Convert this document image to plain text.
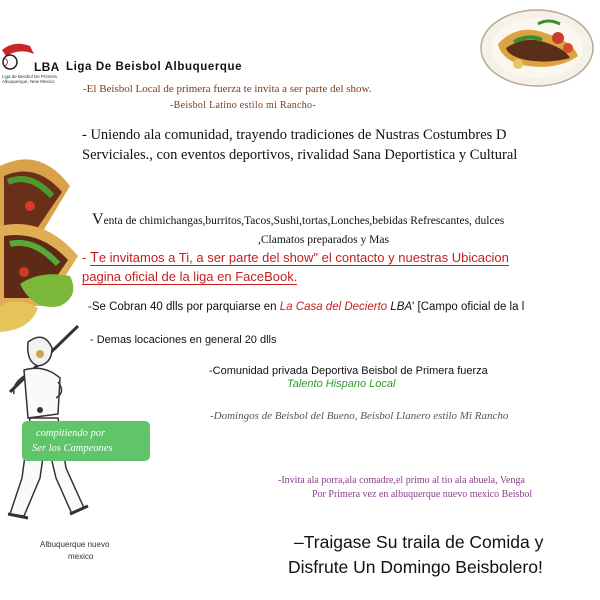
LBA Liga De Beisbol Albuquerque
Liga de Beisbol De Primera Albuquerque, New Mexico
-El Beisbol Local de primera fuerza te invita a ser parte del show.
-Beisbol Latino estilo mi Rancho-
- Uniendo ala comunidad, trayendo tradiciones de Nustras Costumbres D
Serviciales., con eventos deportivos, rivalidad Sana Deportistica y Cultural
Venta de chimichangas,burritos,Tacos,Sushi,tortas,Lonches,bebidas Refrescantes, dulces
,Clamatos preparados y Mas
- Te invitamos a Ti, a ser parte del show" el contacto y nuestras Ubicacion
pagina oficial de la liga en FaceBook.
-Se Cobran 40 dlls por parquiarse en La Casa del Decierto LBA' [Campo oficial de la l
- Demas locaciones en general 20 dlls
-Comunidad privada Deportiva Beisbol de Primera fuerza
Talento Hispano Local
-Domingos de Beisbol del Bueno, Beisbol Llanero estilo Mi Rancho
compitiendo por
Ser los Campeones
-Invita ala porra,ala comadre,el primo al tio ala abuela, Venga
Por Primera vez en albuquerque nuevo mexico Beisbol
Albuquerque nuevo
mexico
–Traigase Su traila de Comida y
Disfrute Un Domingo Beisbolero!
